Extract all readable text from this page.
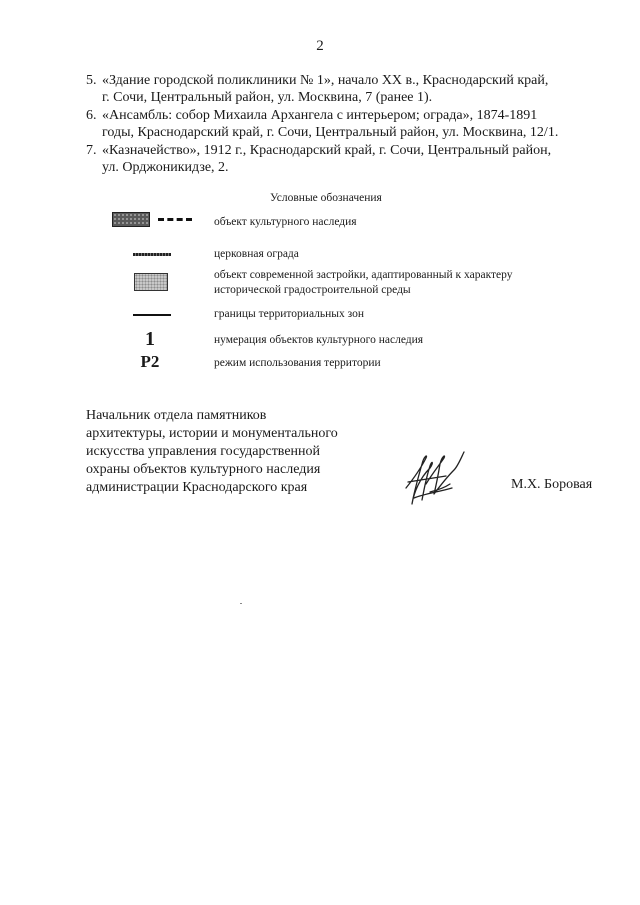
2
5. «Здание городской поликлиники № 1», начало XX в., Краснодарский край,
г. Сочи, Центральный район, ул. Москвина, 7 (ранее 1).
6. «Ансамбль: собор Михаила Архангела с интерьером; ограда», 1874-1891
годы, Краснодарский край, г. Сочи, Центральный район, ул. Москвина, 12/1.
7. «Казначейство», 1912 г., Краснодарский край, г. Сочи, Центральный район,
ул. Орджоникидзе, 2.
Условные обозначения
объект культурного наследия
церковная ограда
объект современной застройки, адаптированный к характеру
исторической градостроительной среды
границы территориальных зон
1	нумерация объектов культурного наследия
Р2	режим использования территории
Начальник отдела памятников
архитектуры, истории и монументального
искусства управления государственной
охраны объектов культурного наследия
администрации Краснодарского края	М.Х. Боровая
